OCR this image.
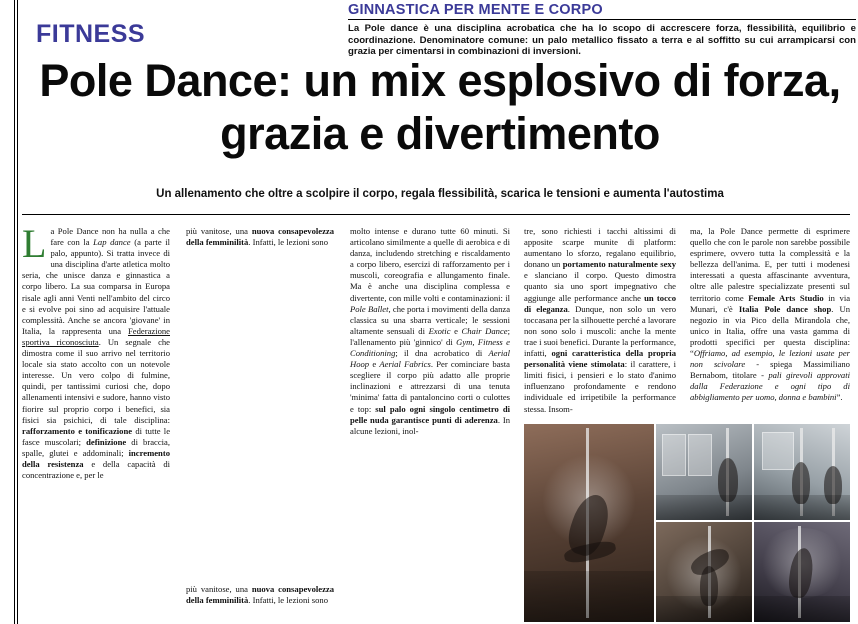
FITNESS
GINNASTICA PER MENTE E CORPO
La Pole dance è una disciplina acrobatica che ha lo scopo di accrescere forza, flessibilità, equilibrio e coordinazione. Denominatore comune: un palo metallico fissato a terra e al soffitto su cui arrampicarsi con grazia per cimentarsi in combinazioni di inversioni.
Pole Dance: un mix esplosivo di forza, grazia e divertimento
Un allenamento che oltre a scolpire il corpo, regala flessibilità, scarica le tensioni e aumenta l'autostima
L a Pole Dance non ha nulla a che fare con la Lap dance (a parte il palo, appunto). Si tratta invece di una disciplina d'arte atletica molto seria, che unisce danza e ginnastica a corpo libero. La sua comparsa in Europa risale agli anni Venti nell'ambito del circo e si evolve poi sino ad acquisire l'attuale complessità. Anche se ancora 'giovane' in Italia, la rappresenta una Federazione sportiva riconosciuta. Un segnale che dimostra come il suo arrivo nel territorio locale sia stato accolto con un notevole interesse. Un vero colpo di fulmine, quindi, per tantissimi curiosi che, dopo allenamenti intensivi e sudore, hanno visto fiorire sul proprio corpo i benefici, sia fisici sia psichici, di tale disciplina: rafforzamento e tonificazione di tutte le fasce muscolari; definizione di braccia, spalle, glutei e addominali; incremento della resistenza e della capacità di concentrazione e, per le
più vanitose, una nuova consapevolezza della femminilità. Infatti, le lezioni sono
molto intense e durano tutte 60 minuti. Si articolano similmente a quelle di aerobica e di danza, includendo stretching e riscaldamento a corpo libero, esercizi di rafforzamento per i muscoli, coreografia e allungamento finale. Ma è anche una disciplina complessa e divertente, con mille volti e contaminazioni: il Pole Ballet, che porta i movimenti della danza classica su una sbarra verticale; le sessioni altamente sensuali di Exotic e Chair Dance; l'allenamento più 'ginnico' di Gym, Fitness e Conditioning; il dna acrobatico di Aerial Hoop e Aerial Fabrics. Per cominciare basta scegliere il corpo più adatto alle proprie inclinazioni e attrezzarsi di una tenuta 'minima' fatta di pantaloncino corti o culottes e top: sul palo ogni singolo centimetro di pelle nuda garantisce punti di aderenza. In alcune lezioni, inol-
tre, sono richiesti i tacchi altissimi di apposite scarpe munite di platform: aumentano lo sforzo, regalano equilibrio, donano un portamento naturalmente sexy e slanciano il corpo. Questo dimostra quanto sia uno sport impegnativo che aggiunge alle performance anche un tocco di eleganza. Dunque, non solo un vero toccasana per la silhouette perché a lavorare non sono solo i muscoli: anche la mente trae i suoi benefici. Durante la performance, infatti, ogni caratteristica della propria personalità viene stimolata: il carattere, i limiti fisici, i pensieri e lo stato d'animo influenzano profondamente e rendono individuale ed irripetibile la performance stessa. Insom-
ma, la Pole Dance permette di esprimere quello che con le parole non sarebbe possibile esprimere, ovvero tutta la complessità e la bellezza dell'anima. E, per tutti i modenesi interessati a questa affascinante avventura, oltre alle palestre specializzate presenti sul territorio come Female Arts Studio in via Munari, c'è Italia Pole dance shop. Un negozio in via Pico della Mirandola che, unico in Italia, offre una vasta gamma di prodotti specifici per questa disciplina: “Offriamo, ad esempio, le lezioni usate per non scivolare - spiega Massimiliano Bernabom, titolare - pali girevoli approvati dalla Federazione e ogni tipo di abbigliamento per uomo, donna e bambini”.
più vanitose, una nuova consapevolezza della femminilità. Infatti, le lezioni sono
